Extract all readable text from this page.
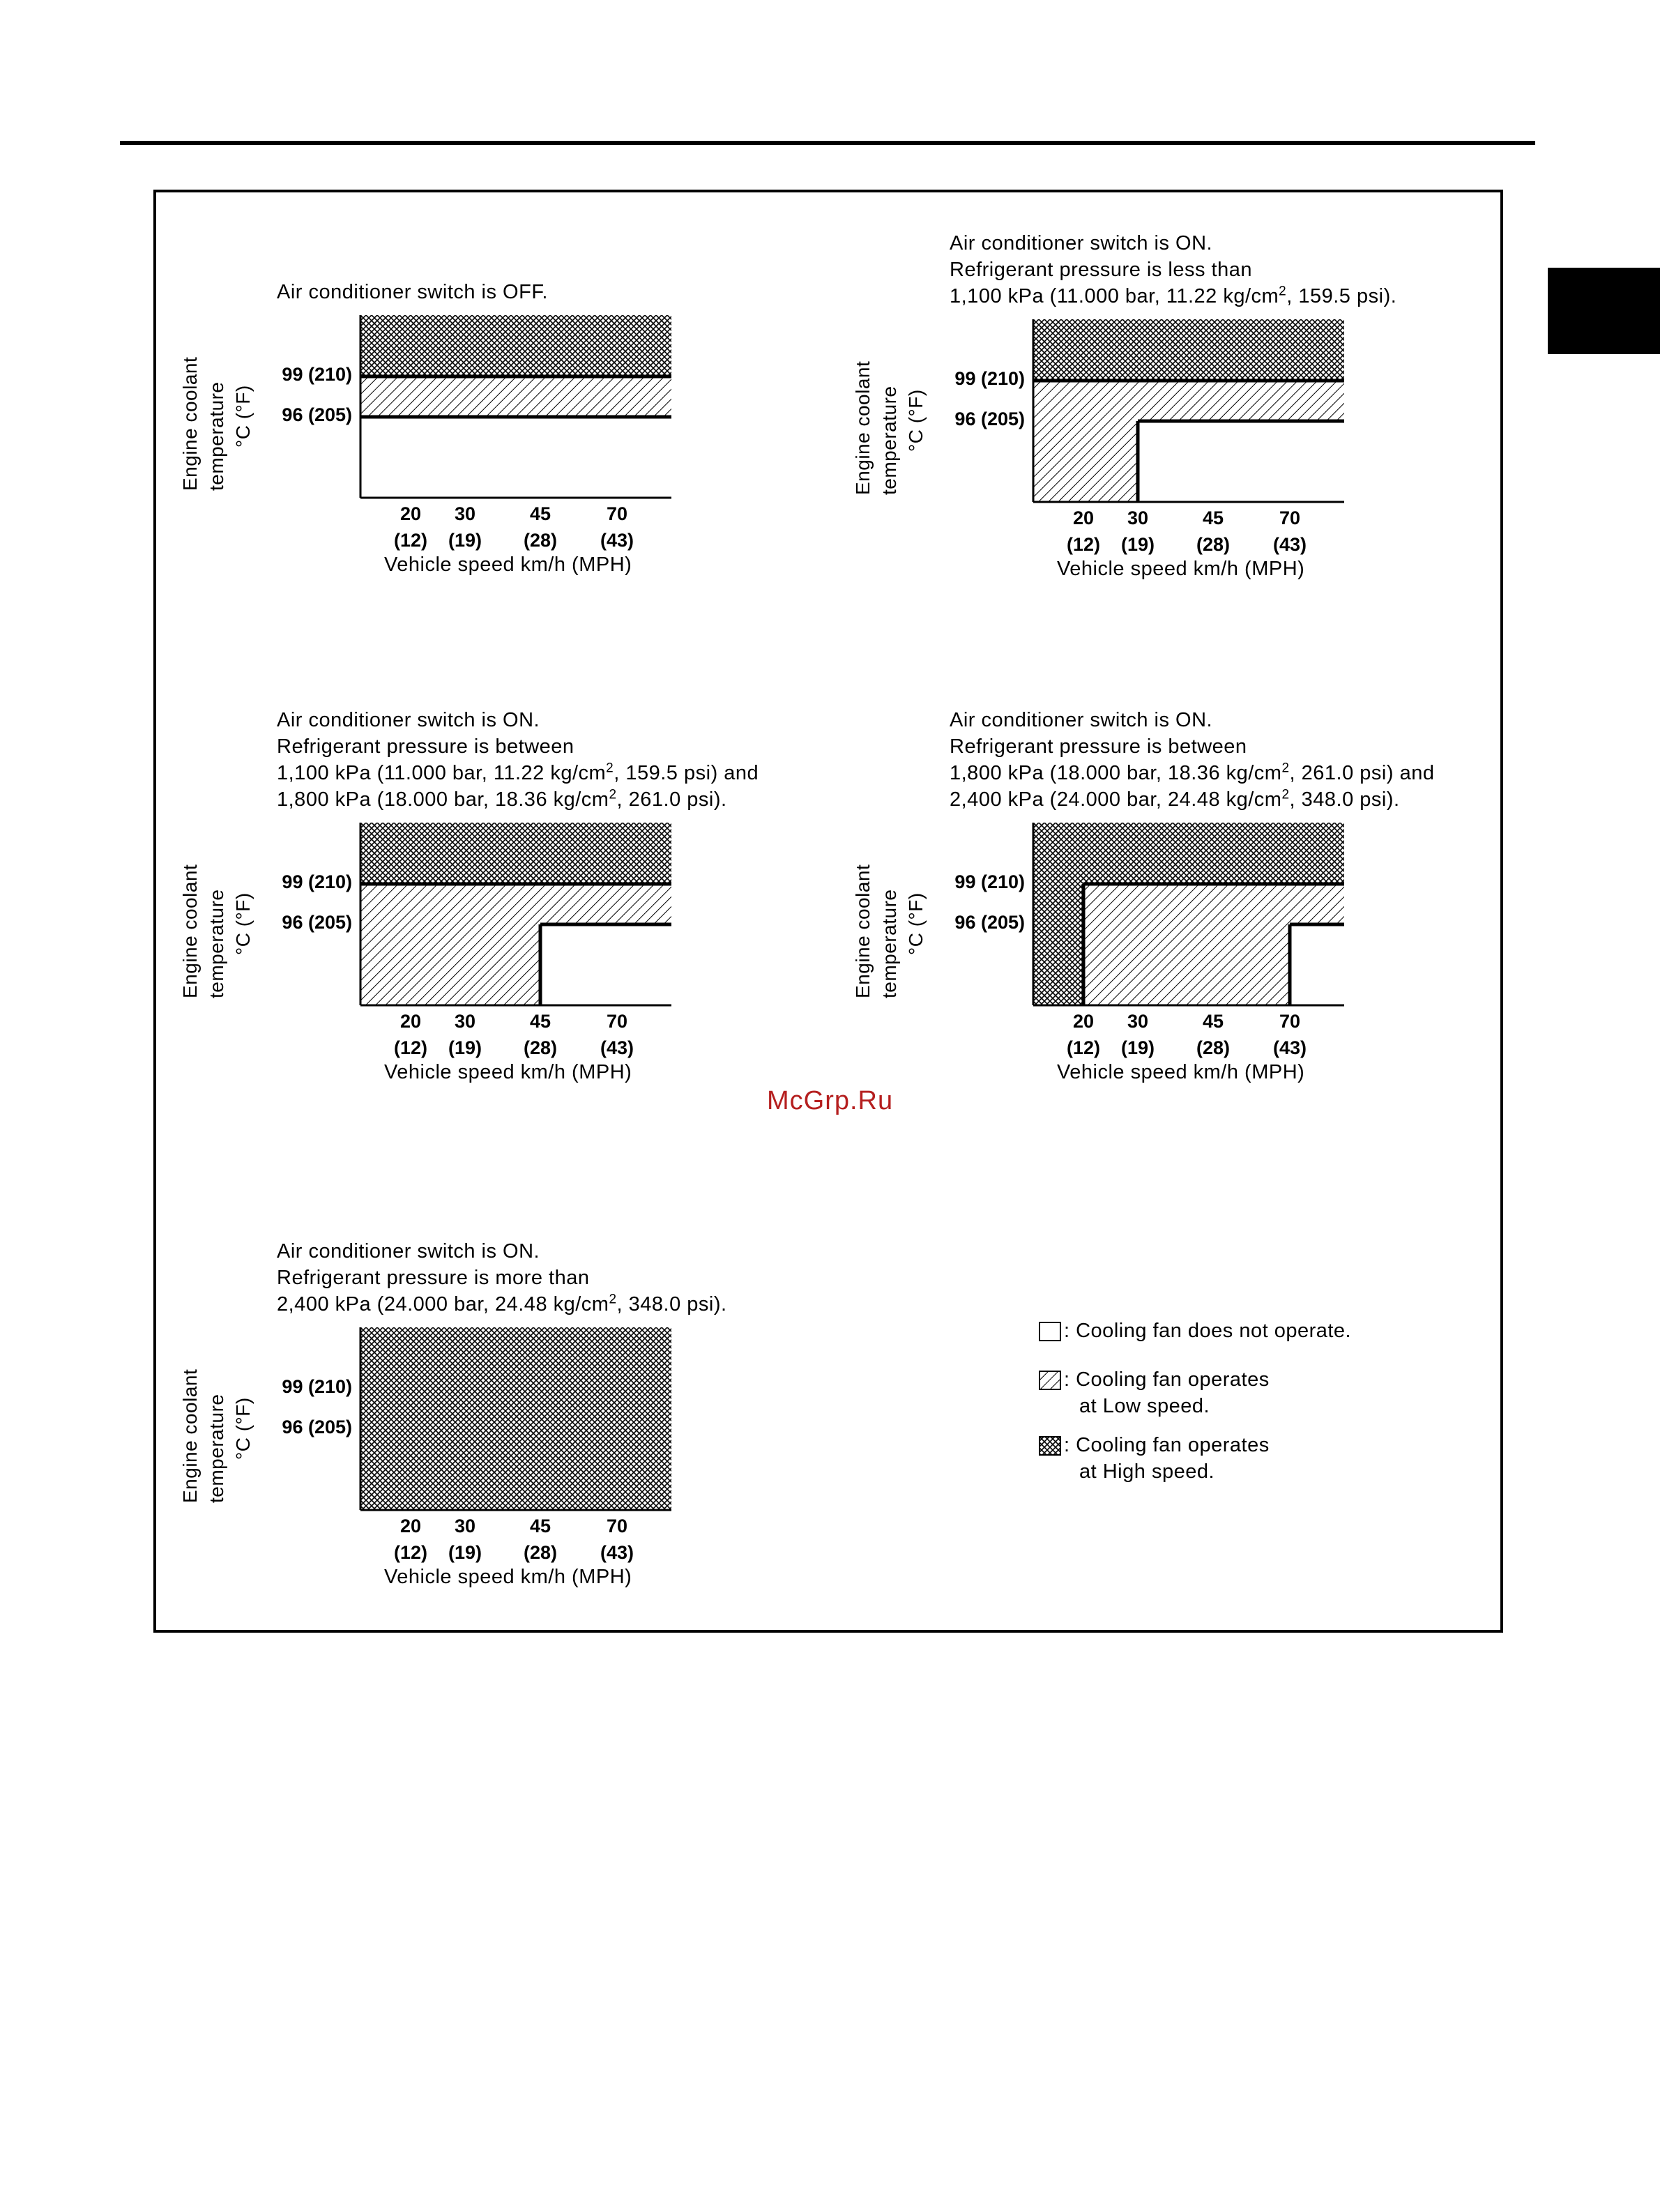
Air conditioner switch is OFF.
Engine coolant temperature °C (°F)
99 (210)
96 (205)
20
(12)
30
(19)
45
(28)
70
(43)
Vehicle speed km/h (MPH)
Air conditioner switch is ON.
Refrigerant pressure is less than
1,100 kPa (11.000 bar, 11.22 $kg/cm^2$, 159.5 psi).
Engine coolant temperature °C (°F)
99 (210)
96 (205)
20
(12)
30
(19)
45
(28)
70
(43)
Vehicle speed km/h (MPH)
Air conditioner switch is ON.
Refrigerant pressure is between
1,100 kPa (11.000 bar, 11.22 $kg/cm^2$, 159.5 psi) and
1,800 kPa (18.000 bar, 18.36 $kg/cm^2$, 261.0 psi).
Engine coolant temperature °C (°F)
99 (210)
96 (205)
20
(12)
30
(19)
45
(28)
70
(43)
Vehicle speed km/h (MPH)
Air conditioner switch is ON.
Refrigerant pressure is between
1,800 kPa (18.000 bar, 18.36 $kg/cm^2$, 261.0 psi) and
2,400 kPa (24.000 bar, 24.48 $kg/cm^2$, 348.0 psi).
Engine coolant temperature °C (°F)
99 (210)
96 (205)
20
(12)
30
(19)
45
(28)
70
(43)
Vehicle speed km/h (MPH)
Air conditioner switch is ON.
Refrigerant pressure is more than
2,400 kPa (24.000 bar, 24.48 $kg/cm^2$, 348.0 psi).
Engine coolant temperature °C (°F)
99 (210)
96 (205)
20
(12)
30
(19)
45
(28)
70
(43)
Vehicle speed km/h (MPH)
: Cooling fan does not operate.
: Cooling fan operates
at Low speed.
: Cooling fan operates
at High speed.
McGrp.Ru
